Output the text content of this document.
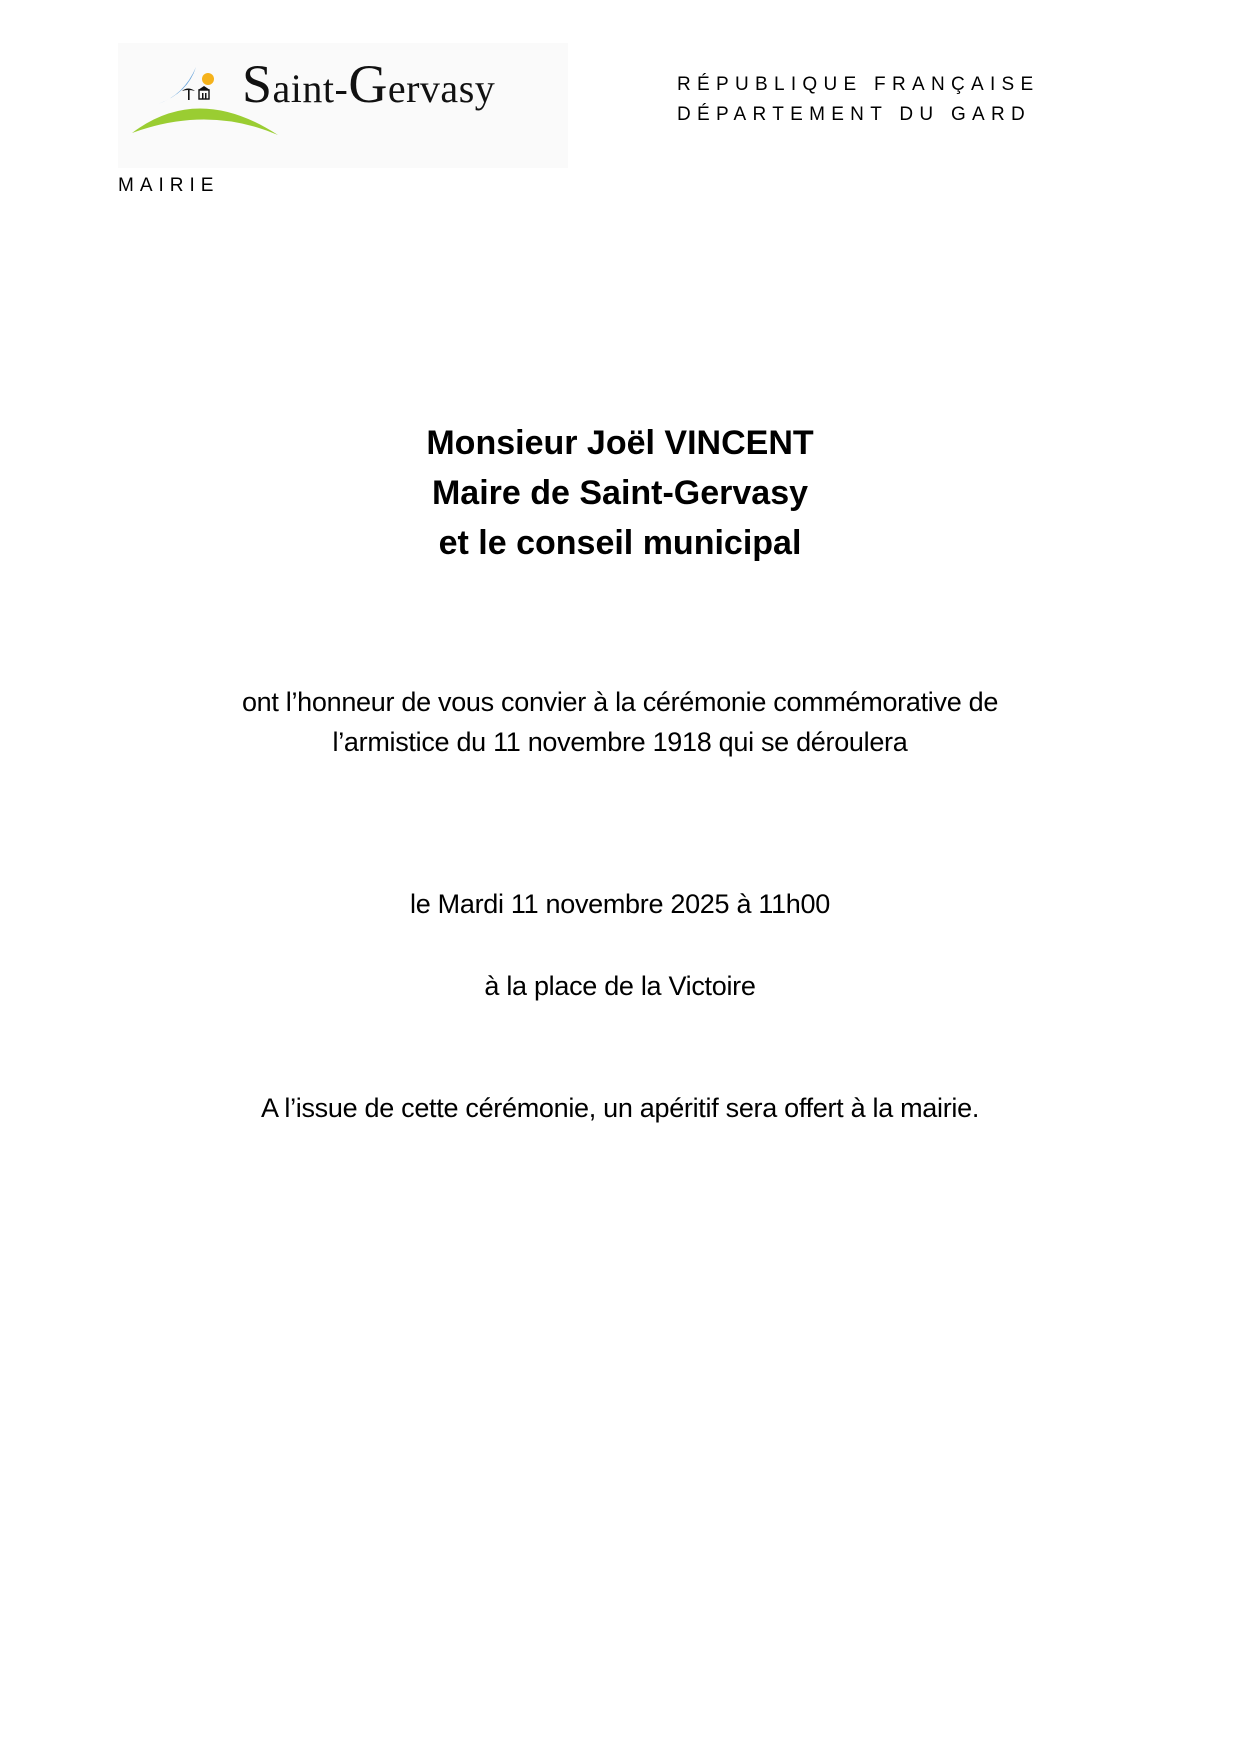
Saint-Gervasy
MAIRIE
RÉPUBLIQUE FRANÇAISE
DÉPARTEMENT DU GARD
Monsieur Joël VINCENT
Maire de Saint-Gervasy
et le conseil municipal
ont l’honneur de vous convier à la cérémonie commémorative de
l’armistice du 11 novembre 1918 qui se déroulera
le Mardi 11 novembre 2025 à 11h00
à la place de la Victoire
A l’issue de cette cérémonie, un apéritif sera offert à la mairie.
